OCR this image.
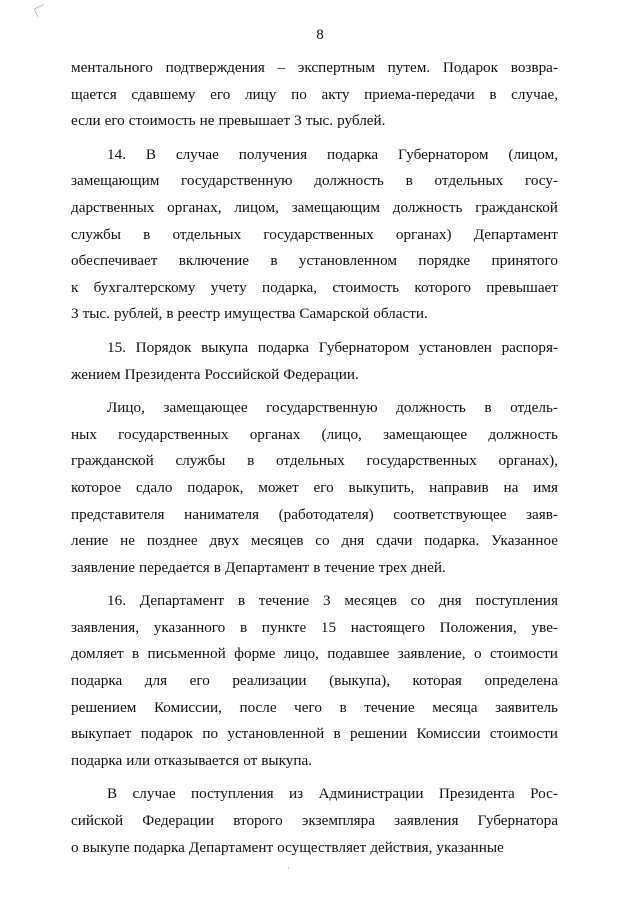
8
ментального подтверждения – экспертным путем. Подарок возвра-
щается сдавшему его лицу по акту приема-передачи в случае,
если его стоимость не превышает 3 тыс. рублей.
14. В случае получения подарка Губернатором (лицом,
замещающим государственную должность в отдельных госу-
дарственных органах, лицом, замещающим должность гражданской
службы в отдельных государственных органах) Департамент
обеспечивает включение в установленном порядке принятого
к бухгалтерскому учету подарка, стоимость которого превышает
3 тыс. рублей, в реестр имущества Самарской области.
15. Порядок выкупа подарка Губернатором установлен распоря-
жением Президента Российской Федерации.
Лицо, замещающее государственную должность в отдель-
ных государственных органах (лицо, замещающее должность
гражданской службы в отдельных государственных органах),
которое сдало подарок, может его выкупить, направив на имя
представителя нанимателя (работодателя) соответствующее заяв-
ление не позднее двух месяцев со дня сдачи подарка. Указанное
заявление передается в Департамент в течение трех дней.
16. Департамент в течение 3 месяцев со дня поступления
заявления, указанного в пункте 15 настоящего Положения, уве-
домляет в письменной форме лицо, подавшее заявление, о стоимости
подарка для его реализации (выкупа), которая определена
решением Комиссии, после чего в течение месяца заявитель
выкупает подарок по установленной в решении Комиссии стоимости
подарка или отказывается от выкупа.
В случае поступления из Администрации Президента Рос-
сийской Федерации второго экземпляра заявления Губернатора
о выкупе подарка Департамент осуществляет действия, указанные
·
